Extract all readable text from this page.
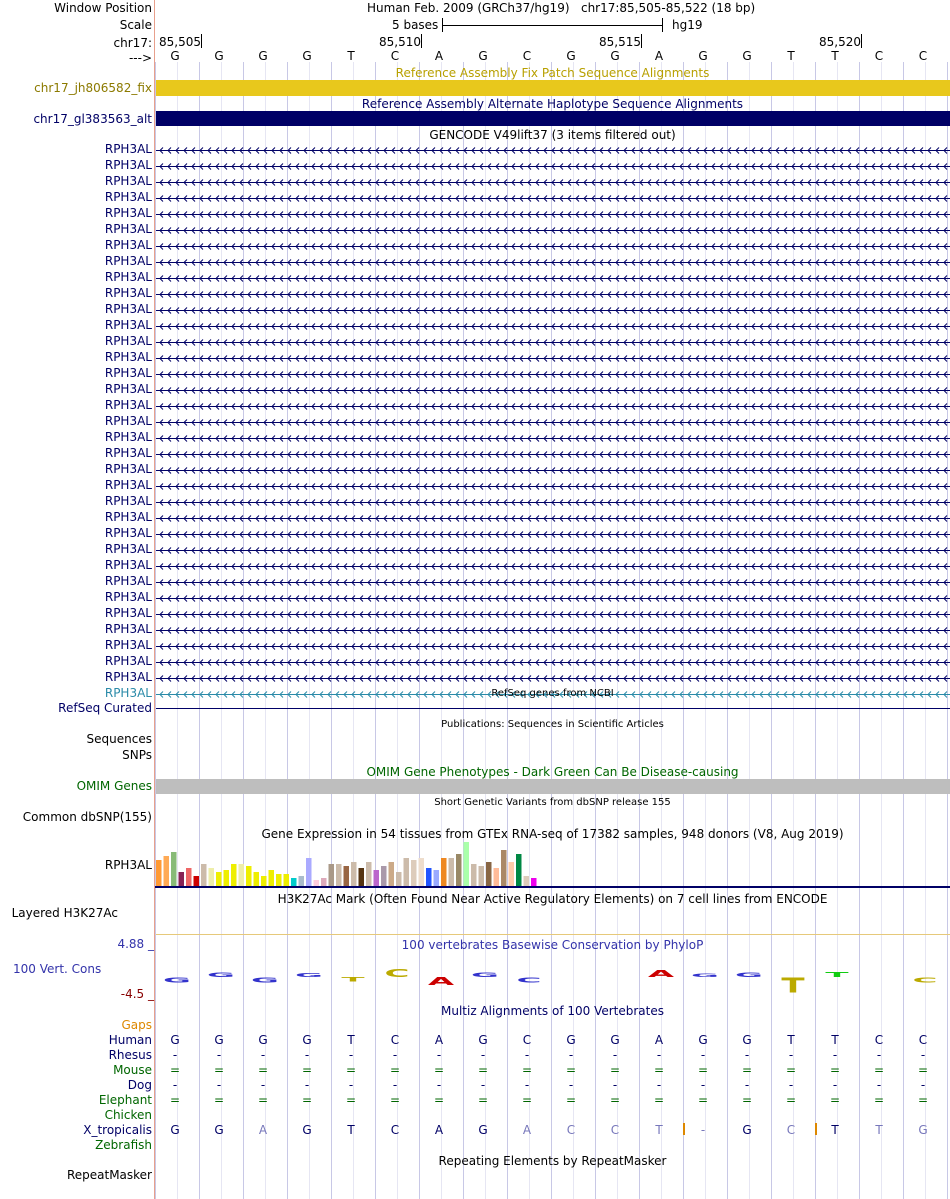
Window Position
Scale
chr17:
--->
Human Feb. 2009 (GRCh37/hg19) chr17:85,505-85,522 (18 bp)
5 bases	hg19
85,505	85,510	85,515	85,520
G	G	G	G	T	C	A	G	C	G	G	A	G	G	T	T	C	C
Reference Assembly Fix Patch Sequence Alignments
chr17_jh806582_fix
Reference Assembly Alternate Haplotype Sequence Alignments
chr17_gl383563_alt
GENCODE V49lift37 (3 items filtered out)
RPH3AL
RPH3AL
RPH3AL
RPH3AL
RPH3AL
RPH3AL
RPH3AL
RPH3AL
RPH3AL
RPH3AL
RPH3AL
RPH3AL
RPH3AL
RPH3AL
RPH3AL
RPH3AL
RPH3AL
RPH3AL
RPH3AL
RPH3AL
RPH3AL
RPH3AL
RPH3AL
RPH3AL
RPH3AL
RPH3AL
RPH3AL
RPH3AL
RPH3AL
RPH3AL
RPH3AL
RPH3AL
RPH3AL
RPH3AL
RPH3AL	RefSeq genes from NCBI
RefSeq Curated
Publications: Sequences in Scientific Articles
Sequences
SNPs
OMIM Gene Phenotypes - Dark Green Can Be Disease-causing
OMIM Genes
Short Genetic Variants from dbSNP release 155
Common dbSNP(155)
Gene Expression in 54 tissues from GTEx RNA-seq of 17382 samples, 948 donors (V8, Aug 2019)
RPH3AL
H3K27Ac Mark (Often Found Near Active Regulatory Elements) on 7 cell lines from ENCODE
Layered H3K27Ac
100 vertebrates Basewise Conservation by PhyloP
4.88 _
100 Vert. Cons
-4.5 _
G
G
G
G
T C
A
G
C
A G G T T
C
Multiz Alignments of 100 Vertebrates
Gaps
Human	G	G	G	G	T	C	A	G	C	G	G	A	G	G	T	T	C	C
Rhesus	-	-	-	-	-	-	-	-	-	-	-	-	-	-	-	-	-	-
Mouse	=	=	=	=	=	=	=	=	=	=	=	=	=	=	=	=	=	=
Dog	-	-	-	-	-	-	-	-	-	-	-	-	-	-	-	-	-	-
Elephant	=	=	=	=	=	=	=	=	=	=	=	=	=	=	=	=	=	=
Chicken
X_tropicalis	G	G	A	G	T	C	A	G	A	C	C	T	-	G	C	T	T	G
Zebrafish
Repeating Elements by RepeatMasker
RepeatMasker
